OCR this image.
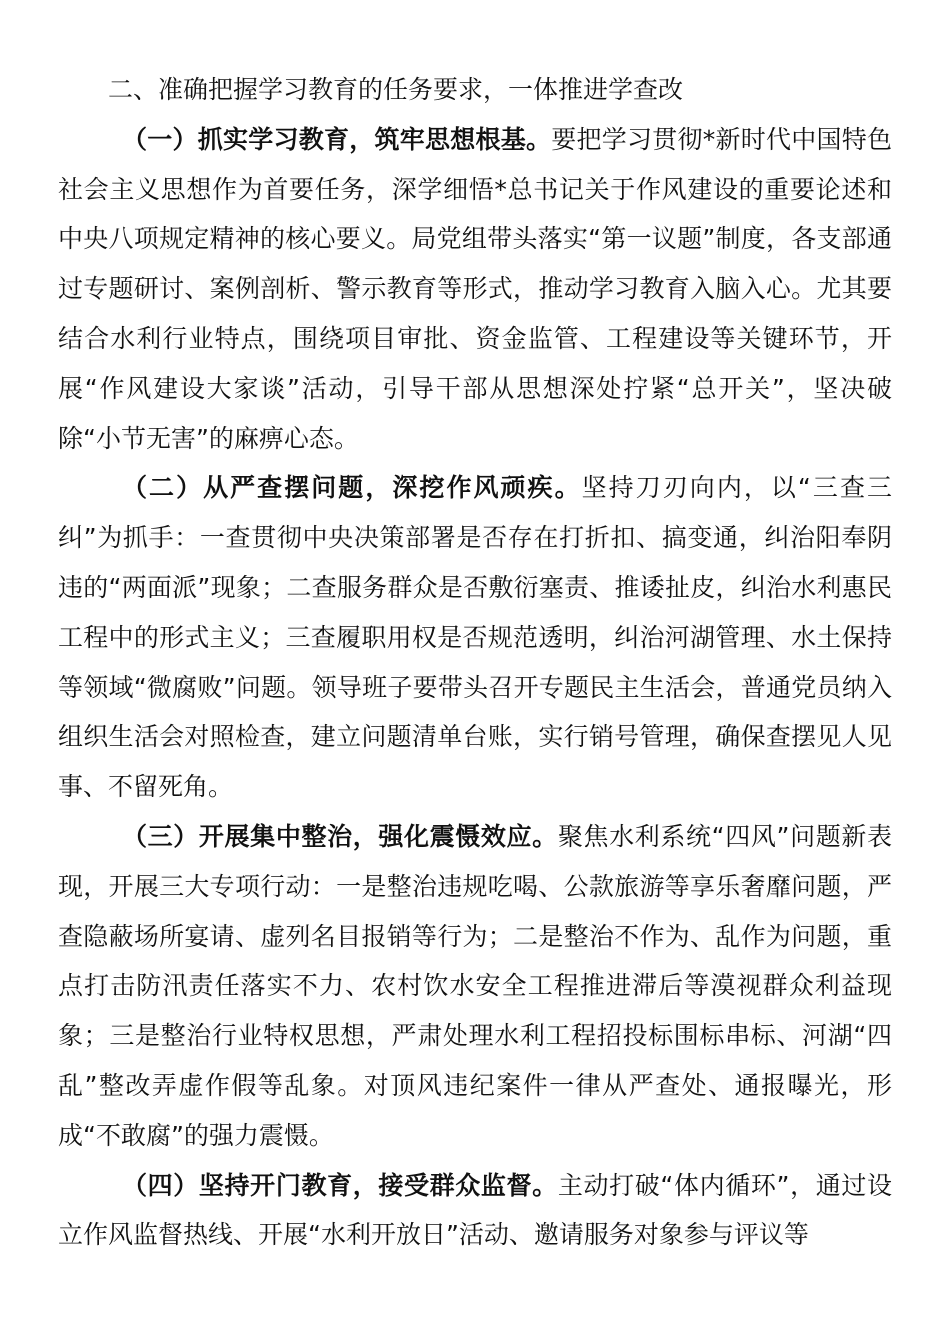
二、准确把握学习教育的任务要求，一体推进学查改

（一）抓实学习教育，筑牢思想根基。要把学习贯彻*新时代中国特色社会主义思想作为首要任务，深学细悟*总书记关于作风建设的重要论述和中央八项规定精神的核心要义。局党组带头落实“第一议题”制度，各支部通过专题研讨、案例剖析、警示教育等形式，推动学习教育入脑入心。尤其要结合水利行业特点，围绕项目审批、资金监管、工程建设等关键环节，开展“作风建设大家谈”活动，引导干部从思想深处拧紧“总开关”，坚决破除“小节无害”的麻痹心态。

（二）从严查摆问题，深挖作风顽疾。坚持刀刃向内，以“三查三纠”为抓手：一查贯彻中央决策部署是否存在打折扣、搞变通，纠治阳奉阴违的“两面派”现象；二查服务群众是否敷衍塞责、推诿扯皮，纠治水利惠民工程中的形式主义；三查履职用权是否规范透明，纠治河湖管理、水土保持等领域“微腐败”问题。领导班子要带头召开专题民主生活会，普通党员纳入组织生活会对照检查，建立问题清单台账，实行销号管理，确保查摆见人见事、不留死角。

（三）开展集中整治，强化震慑效应。聚焦水利系统“四风”问题新表现，开展三大专项行动：一是整治违规吃喝、公款旅游等享乐奢靡问题，严查隐蔽场所宴请、虚列名目报销等行为；二是整治不作为、乱作为问题，重点打击防汛责任落实不力、农村饮水安全工程推进滞后等漠视群众利益现象；三是整治行业特权思想，严肃处理水利工程招投标围标串标、河湖“四乱”整改弄虚作假等乱象。对顶风违纪案件一律从严查处、通报曝光，形成“不敢腐”的强力震慑。

（四）坚持开门教育，接受群众监督。主动打破“体内循环”，通过设立作风监督热线、开展“水利开放日”活动、邀请服务对象参与评议等
